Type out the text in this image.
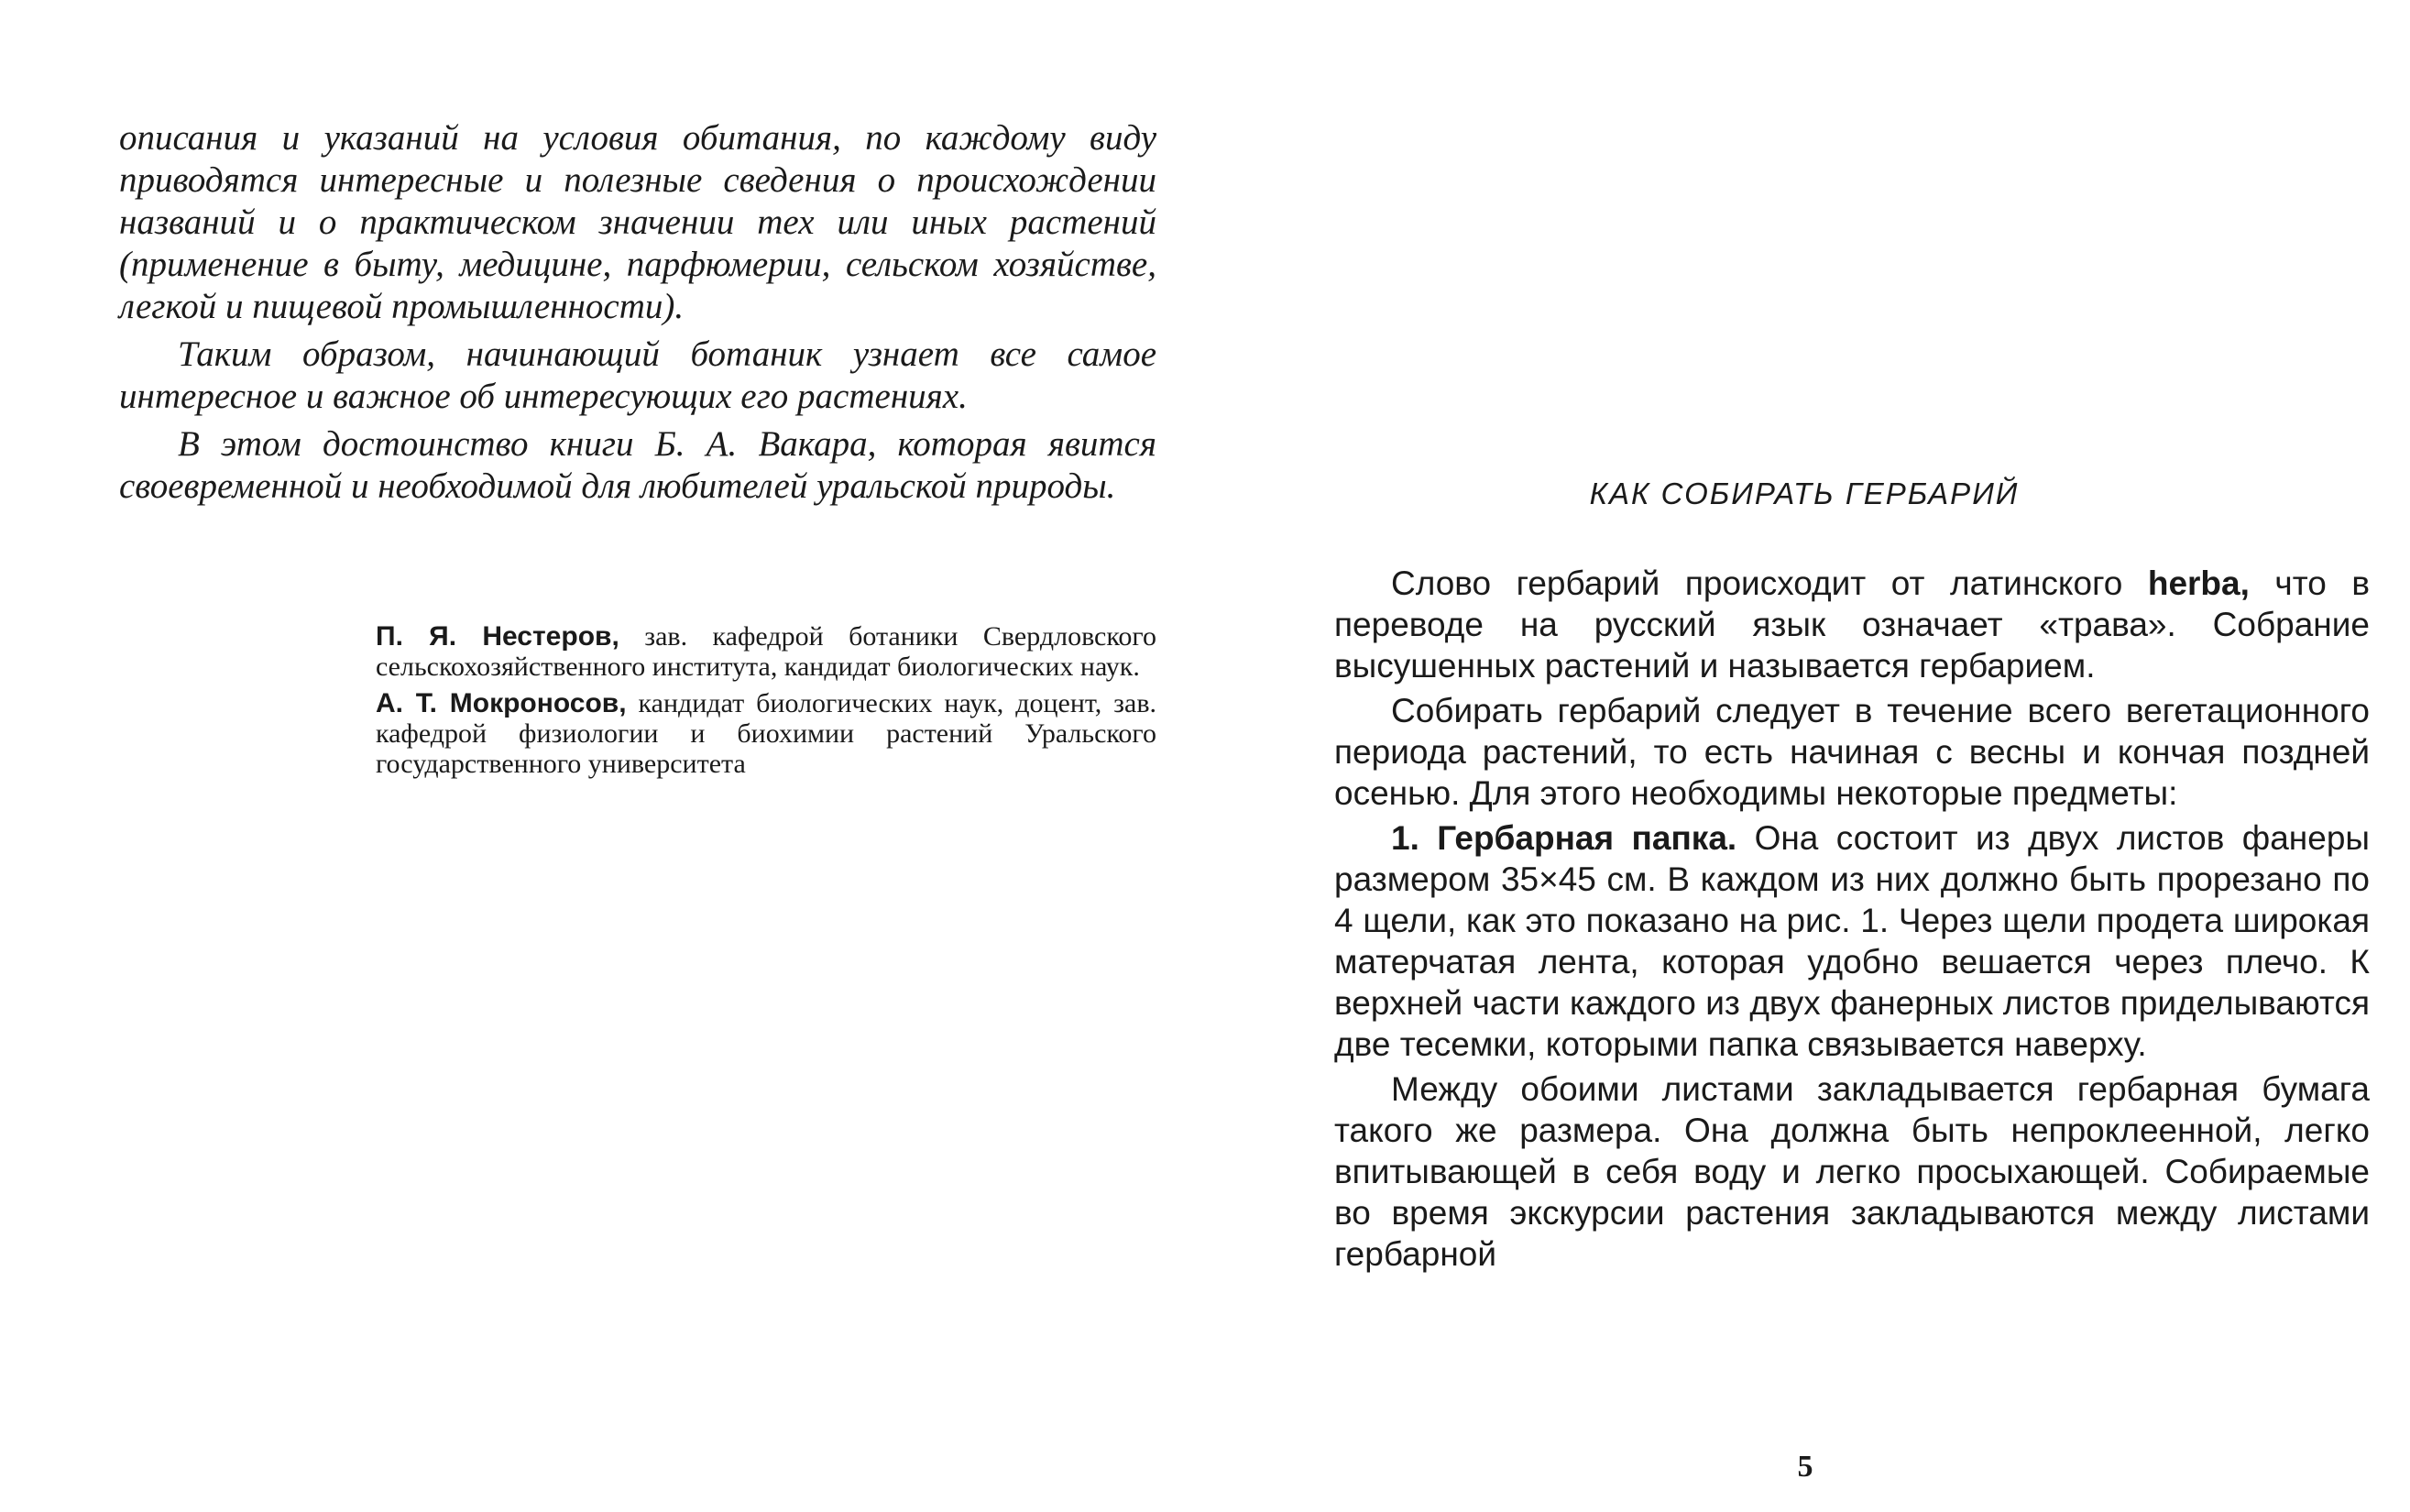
описания и указаний на условия обитания, по каждому виду приводятся интересные и полезные сведения о происхождении названий и о практическом значении тех или иных растений (применение в быту, медицине, парфюмерии, сельском хозяйстве, легкой и пищевой промышленности).

Таким образом, начинающий ботаник узнает все самое интересное и важное об интересующих его растениях.

В этом достоинство книги Б. А. Вакара, которая явится своевременной и необходимой для любителей уральской природы.

П. Я. Нестеров, зав. кафедрой ботаники Свердловского сельскохозяйственного института, кандидат биологических наук.

А. Т. Мокроносов, кандидат биологических наук, доцент, зав. кафедрой физиологии и биохимии растений Уральского государственного университета

КАК СОБИРАТЬ ГЕРБАРИЙ

Слово гербарий происходит от латинского herba, что в переводе на русский язык означает «трава». Собрание высушенных растений и называется гербарием.

Собирать гербарий следует в течение всего вегетационного периода растений, то есть начиная с весны и кончая поздней осенью. Для этого необходимы некоторые предметы:

1. Гербарная папка. Она состоит из двух листов фанеры размером 35×45 см. В каждом из них должно быть прорезано по 4 щели, как это показано на рис. 1. Через щели продета широкая матерчатая лента, которая удобно вешается через плечо. К верхней части каждого из двух фанерных листов приделываются две тесемки, которыми папка связывается наверху.

Между обоими листами закладывается гербарная бумага такого же размера. Она должна быть непроклеенной, легко впитывающей в себя воду и легко просыхающей. Собираемые во время экскурсии растения закладываются между листами гербарной

5
